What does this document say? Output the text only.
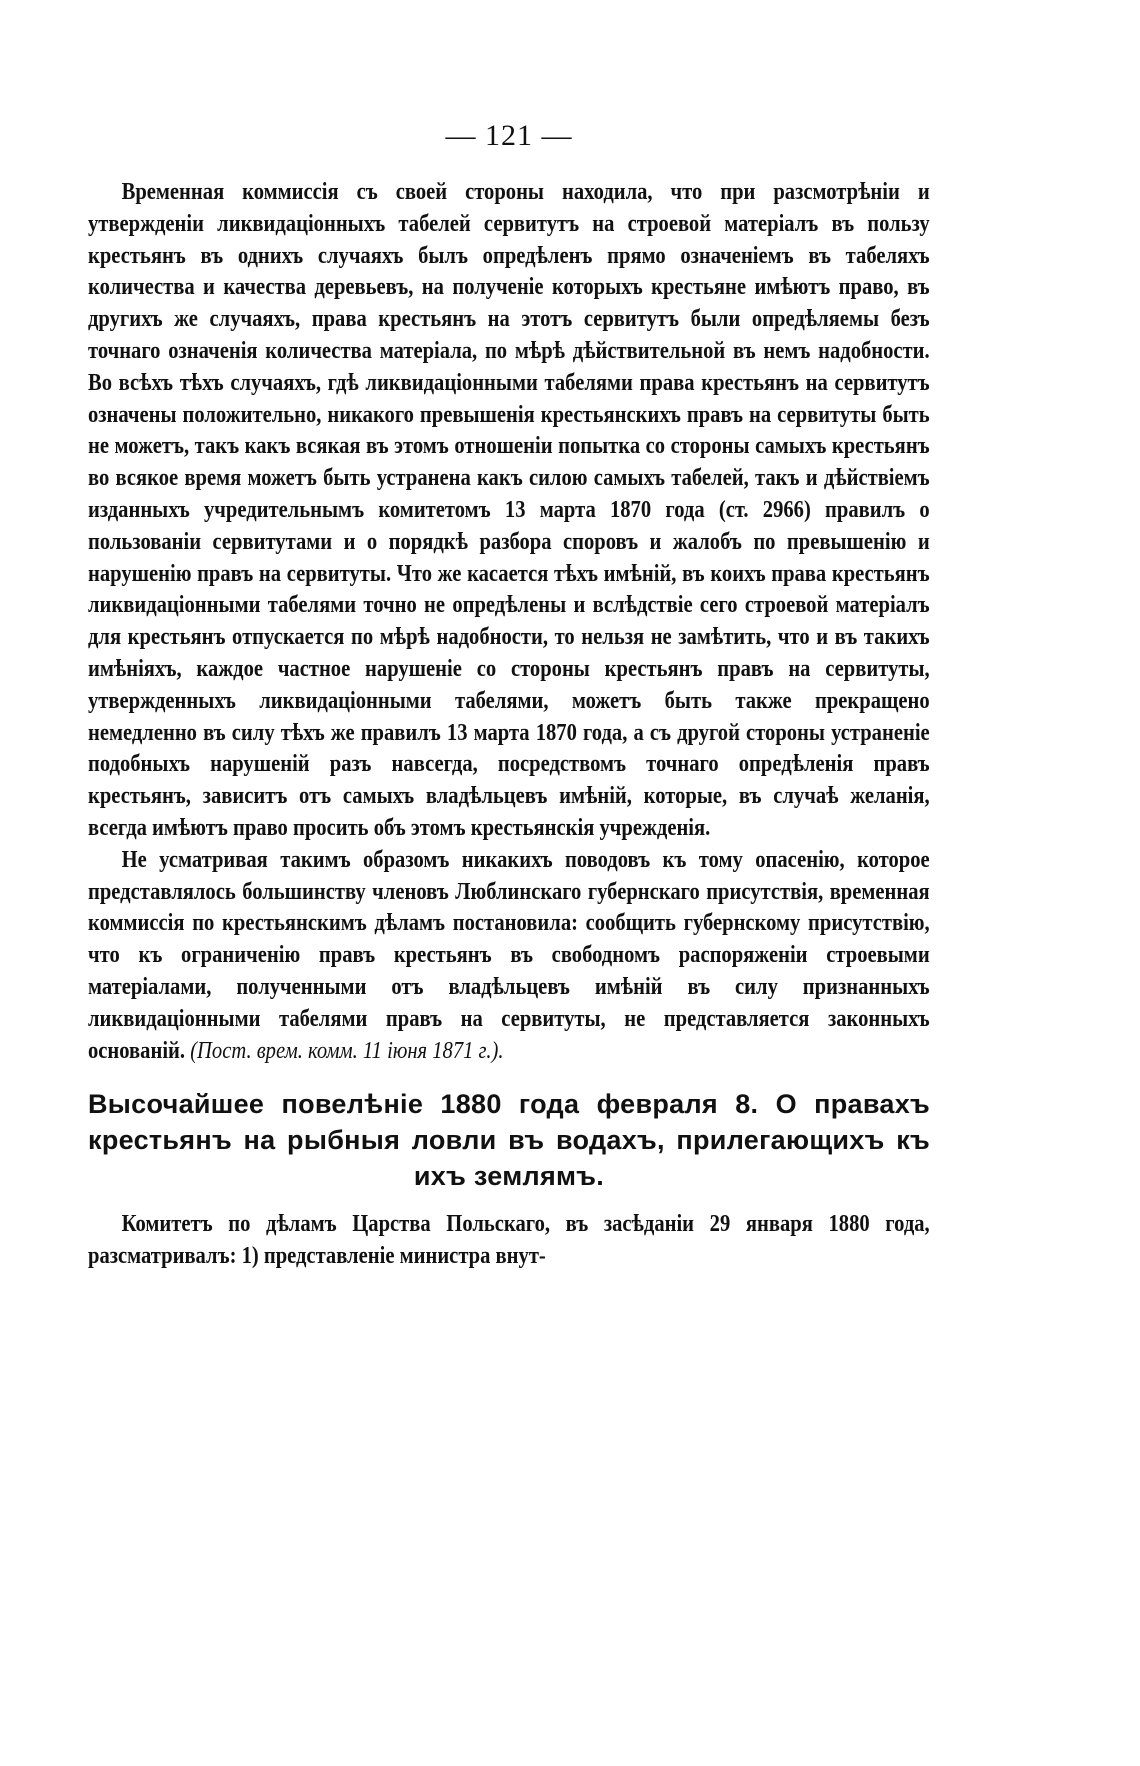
— 121 —

Временная коммиссія съ своей стороны находила, что при разсмотрѣніи и утвержденіи ликвидаціонныхъ табелей сервитутъ на строевой матеріалъ въ пользу крестьянъ въ однихъ случаяхъ былъ опредѣленъ прямо означеніемъ въ табеляхъ количества и качества деревьевъ, на полученіе которыхъ крестьяне имѣютъ право, въ другихъ же случаяхъ, права крестьянъ на этотъ сервитутъ были опредѣляемы безъ точнаго означенія количества матеріала, по мѣрѣ дѣйствительной въ немъ надобности. Во всѣхъ тѣхъ случаяхъ, гдѣ ликвидаціонными табелями права крестьянъ на сервитутъ означены положительно, никакого превышенія крестьянскихъ правъ на сервитуты быть не можетъ, такъ какъ всякая въ этомъ отношеніи попытка со стороны самыхъ крестьянъ во всякое время можетъ быть устранена какъ силою самыхъ табелей, такъ и дѣйствіемъ изданныхъ учредительнымъ комитетомъ 13 марта 1870 года (ст. 2966) правилъ о пользованіи сервитутами и о порядкѣ разбора споровъ и жалобъ по превышенію и нарушенію правъ на сервитуты. Что же касается тѣхъ имѣній, въ коихъ права крестьянъ ликвидаціонными табелями точно не опредѣлены и вслѣдствіе сего строевой матеріалъ для крестьянъ отпускается по мѣрѣ надобности, то нельзя не замѣтить, что и въ такихъ имѣніяхъ, каждое частное нарушеніе со стороны крестьянъ правъ на сервитуты, утвержденныхъ ликвидаціонными табелями, можетъ быть также прекращено немедленно въ силу тѣхъ же правилъ 13 марта 1870 года, а съ другой стороны устраненіе подобныхъ нарушеній разъ навсегда, посредствомъ точнаго опредѣленія правъ крестьянъ, зависитъ отъ самыхъ владѣльцевъ имѣній, которые, въ случаѣ желанія, всегда имѣютъ право просить объ этомъ крестьянскія учрежденія.

Не усматривая такимъ образомъ никакихъ поводовъ къ тому опасенію, которое представлялось большинству членовъ Люблинскаго губернскаго присутствія, временная коммиссія по крестьянскимъ дѣламъ постановила: сообщить губернскому присутствію, что къ ограниченію правъ крестьянъ въ свободномъ распоряженіи строевыми матеріалами, полученными отъ владѣльцевъ имѣній въ силу признанныхъ ликвидаціонными табелями правъ на сервитуты, не представляется законныхъ основаній. (Пост. врем. комм. 11 іюня 1871 г.).

Высочайшее повелѣніе 1880 года февраля 8. О правахъ крестьянъ на рыбныя ловли въ водахъ, прилегающихъ къ ихъ землямъ.

Комитетъ по дѣламъ Царства Польскаго, въ засѣданіи 29 января 1880 года, разсматривалъ: 1) представленіе министра внут-
